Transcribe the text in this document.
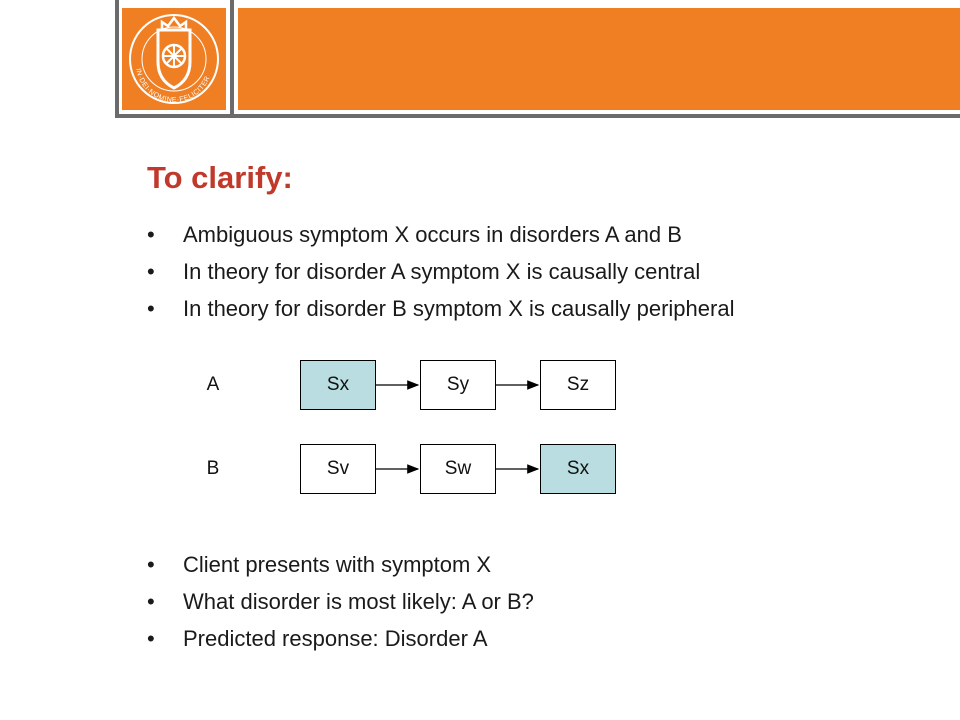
IN·DEI·NOMINE·FELICITER
To clarify:
• Ambiguous symptom X occurs in disorders A and B
• In theory for disorder A symptom X is causally central
• In theory for disorder B symptom X is causally peripheral
A	Sx	Sy	Sz
B	Sv	Sw	Sx
• Client presents with symptom X
• What disorder is most likely: A or B?
• Predicted response: Disorder A
